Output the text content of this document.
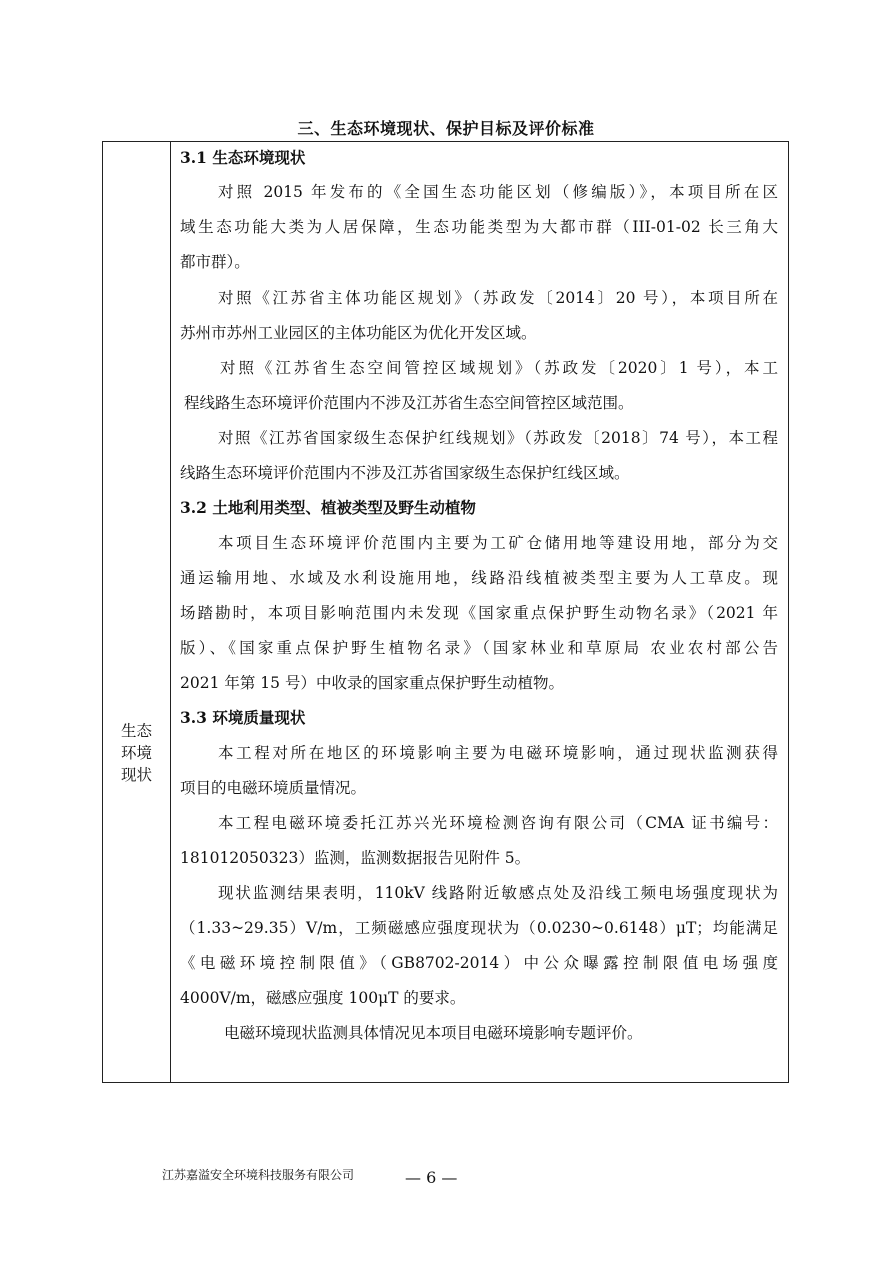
三、生态环境现状、保护目标及评价标准
生态
环境
现状
3.1 生态环境现状
对照 2015 年发布的《全国生态功能区划（修编版）》，本项目所在区
域生态功能大类为人居保障，生态功能类型为大都市群（III-01-02 长三角大
都市群）。
对照《江苏省主体功能区规划》（苏政发〔2014〕20 号），本项目所在
苏州市苏州工业园区的主体功能区为优化开发区域。
对照《江苏省生态空间管控区域规划》（苏政发〔2020〕1 号），本工
程线路生态环境评价范围内不涉及江苏省生态空间管控区域范围。
对照《江苏省国家级生态保护红线规划》（苏政发〔2018〕74 号），本工程
线路生态环境评价范围内不涉及江苏省国家级生态保护红线区域。
3.2 土地利用类型、植被类型及野生动植物
本项目生态环境评价范围内主要为工矿仓储用地等建设用地，部分为交
通运输用地、水域及水利设施用地，线路沿线植被类型主要为人工草皮。现
场踏勘时，本项目影响范围内未发现《国家重点保护野生动物名录》（2021 年
版）、《国家重点保护野生植物名录》（国家林业和草原局 农业农村部公告
2021 年第 15 号）中收录的国家重点保护野生动植物。
3.3 环境质量现状
本工程对所在地区的环境影响主要为电磁环境影响，通过现状监测获得
项目的电磁环境质量情况。
本工程电磁环境委托江苏兴光环境检测咨询有限公司（CMA 证书编号：
181012050323）监测，监测数据报告见附件 5。
现状监测结果表明，110kV 线路附近敏感点处及沿线工频电场强度现状为
（1.33~29.35）V/m，工频磁感应强度现状为（0.0230~0.6148）μT；均能满足
《电磁环境控制限值》（GB8702-2014）中公众曝露控制限值电场强度
4000V/m，磁感应强度 100μT 的要求。
电磁环境现状监测具体情况见本项目电磁环境影响专题评价。
江苏嘉溢安全环境科技服务有限公司	— 6 —
